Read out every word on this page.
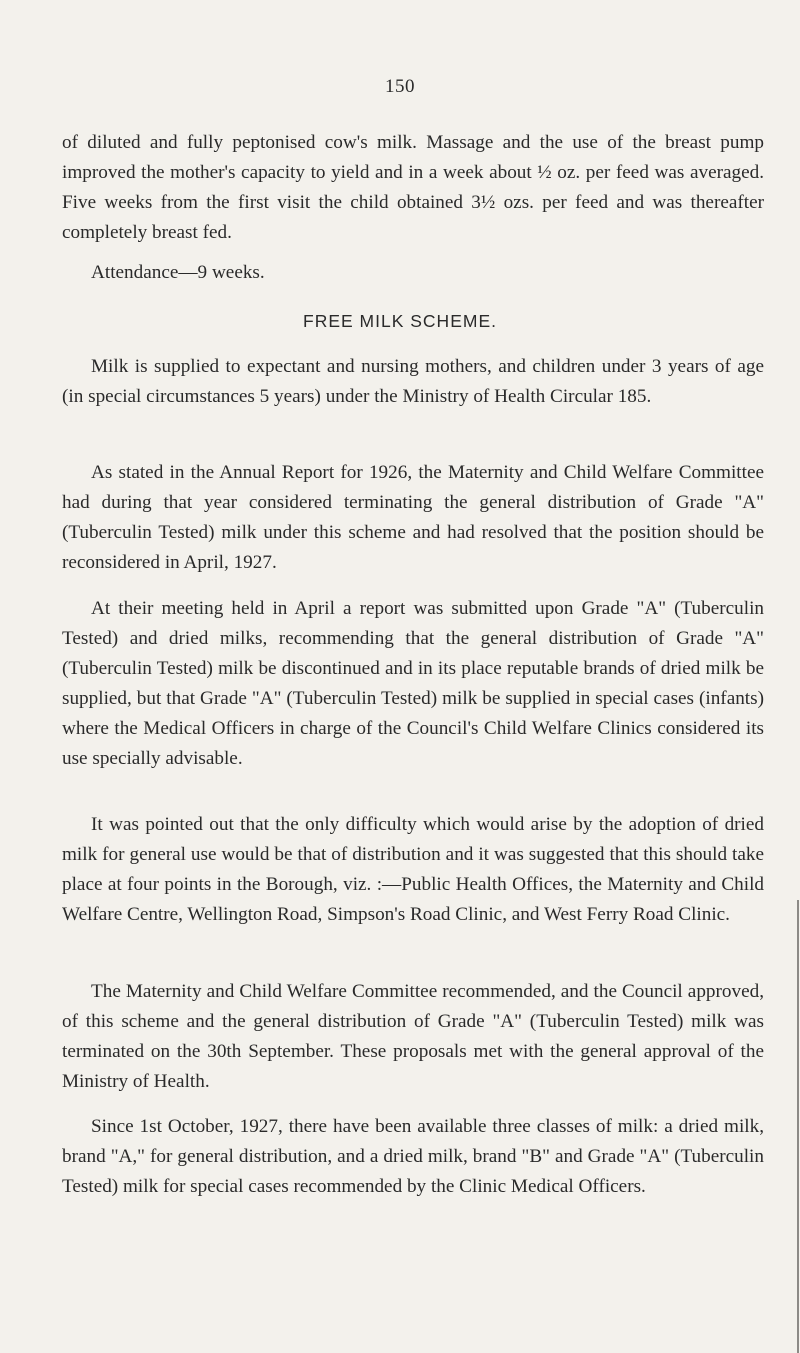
150

of diluted and fully peptonised cow's milk. Massage and the use of the breast pump improved the mother's capacity to yield and in a week about ½ oz. per feed was averaged. Five weeks from the first visit the child obtained 3½ ozs. per feed and was thereafter completely breast fed.

Attendance—9 weeks.

FREE MILK SCHEME.

Milk is supplied to expectant and nursing mothers, and children under 3 years of age (in special circumstances 5 years) under the Ministry of Health Circular 185.

As stated in the Annual Report for 1926, the Maternity and Child Welfare Committee had during that year considered terminating the general distribution of Grade "A" (Tuberculin Tested) milk under this scheme and had resolved that the position should be reconsidered in April, 1927.

At their meeting held in April a report was submitted upon Grade "A" (Tuberculin Tested) and dried milks, recommending that the general distribution of Grade "A" (Tuberculin Tested) milk be discontinued and in its place reputable brands of dried milk be supplied, but that Grade "A" (Tuberculin Tested) milk be supplied in special cases (infants) where the Medical Officers in charge of the Council's Child Welfare Clinics considered its use specially advisable.

It was pointed out that the only difficulty which would arise by the adoption of dried milk for general use would be that of distribution and it was suggested that this should take place at four points in the Borough, viz. :—Public Health Offices, the Maternity and Child Welfare Centre, Wellington Road, Simpson's Road Clinic, and West Ferry Road Clinic.

The Maternity and Child Welfare Committee recommended, and the Council approved, of this scheme and the general distribution of Grade "A" (Tuberculin Tested) milk was terminated on the 30th September. These proposals met with the general approval of the Ministry of Health.

Since 1st October, 1927, there have been available three classes of milk: a dried milk, brand "A," for general distribution, and a dried milk, brand "B" and Grade "A" (Tuberculin Tested) milk for special cases recommended by the Clinic Medical Officers.
